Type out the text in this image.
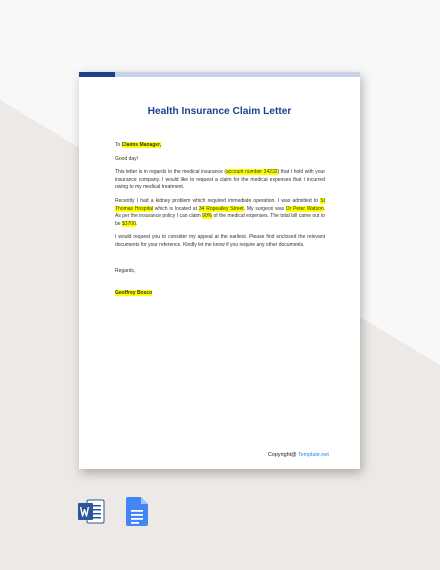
Health Insurance Claim Letter

To Claims Manager,

Good day!

This letter is in regards to the medical insurance (account number 34232) that I hold with your insurance company. I would like to request a claim for the medical expenses that I incurred owing to my medical treatment.

Recently I had a kidney problem which required immediate operation. I was admitted to St Thomas Hospital which is located at 34 Ropealley Street. My surgeon was Dr Peter Watson. As per the insurance policy I can claim 90% of the medical expenses. The total bill came out to be $3700.

I would request you to consider my appeal at the earliest. Please find enclosed the relevant documents for your reference. Kindly let me know if you require any other documents.

Regards,

Geoffrey Bosco

Copyright@ Template.net
